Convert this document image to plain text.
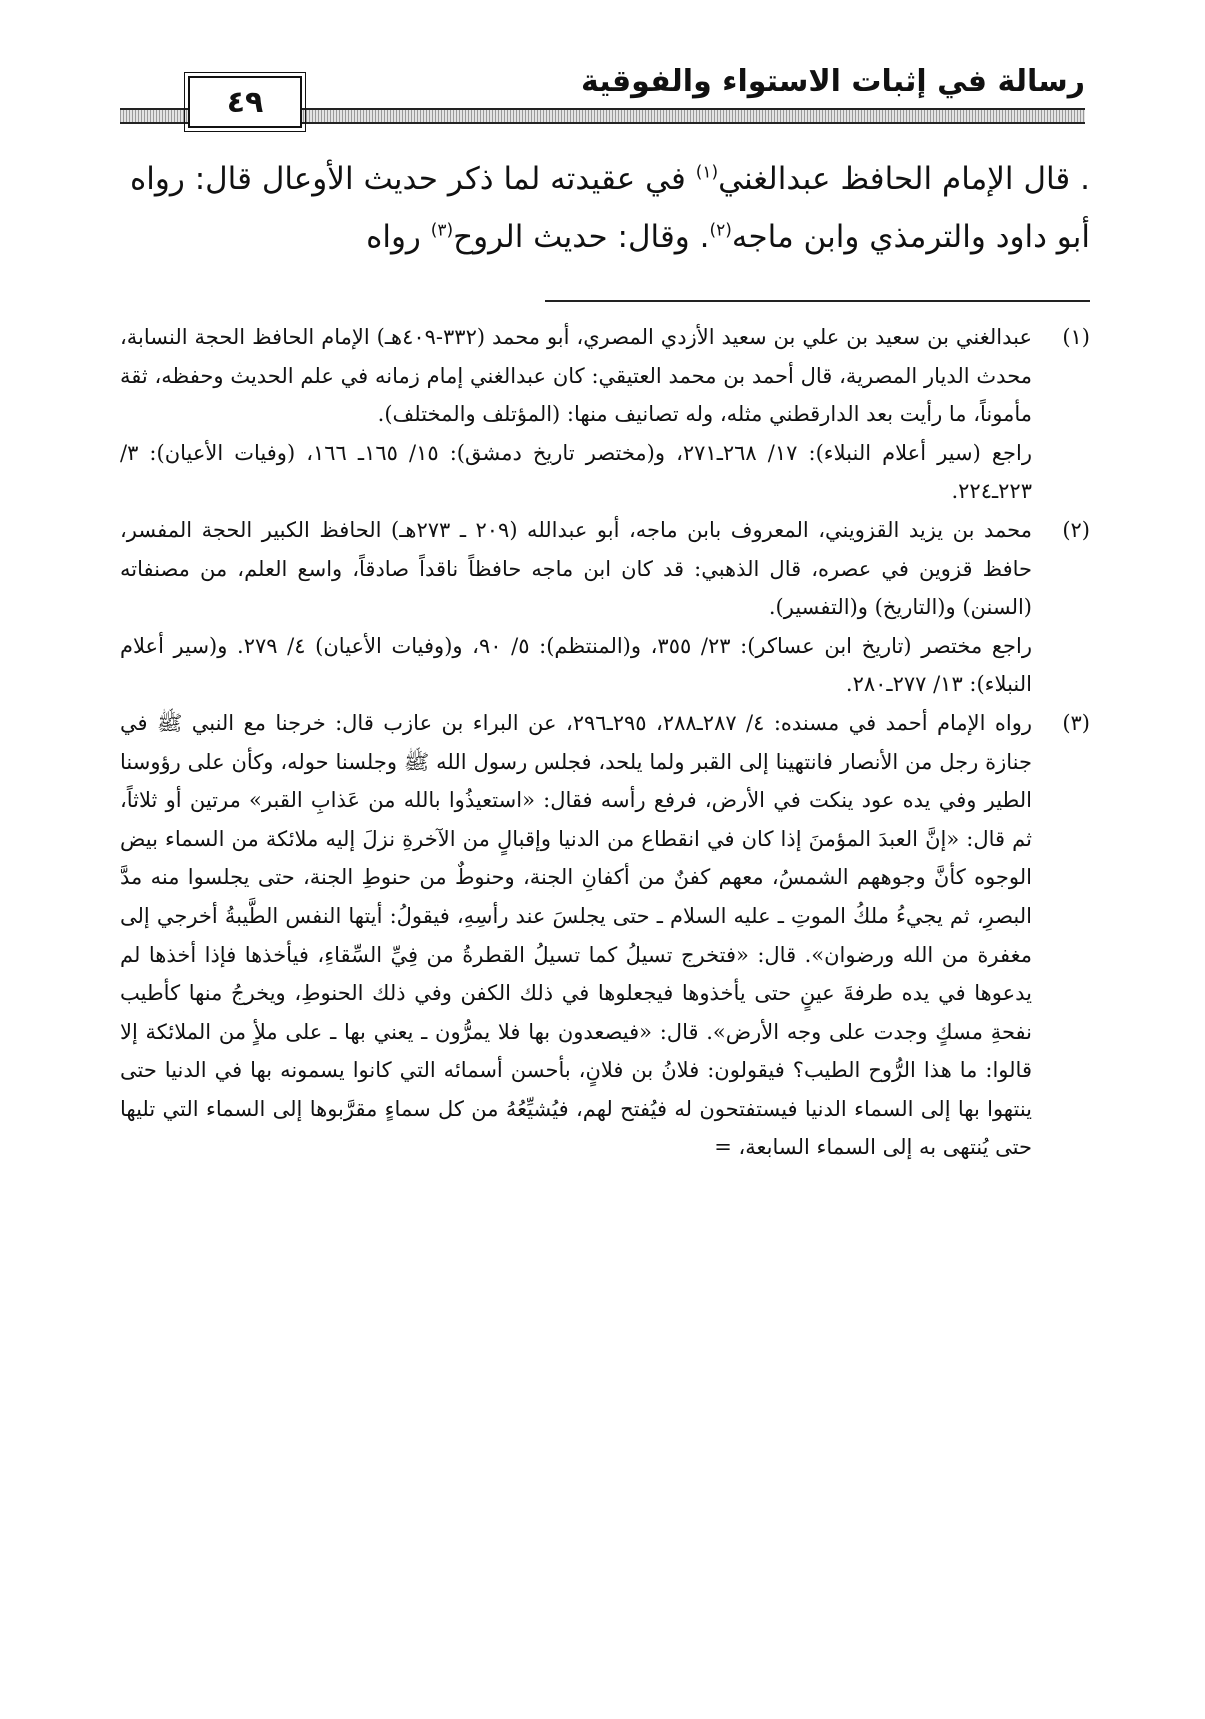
رسالة في إثبات الاستواء والفوقية
٤٩

. قال الإمام الحافظ عبدالغني$^{(١)}$ في عقيدته لما ذكر حديث الأوعال قال: رواه أبو داود والترمذي وابن ماجه$^{(٢)}$. وقال: حديث الروح$^{(٣)}$ رواه

(١)

عبدالغني بن سعيد بن علي بن سعيد الأزدي المصري، أبو محمد (٣٣٢-٤٠٩هـ) الإمام الحافظ الحجة النسابة، محدث الديار المصرية، قال أحمد بن محمد العتيقي: كان عبدالغني إمام زمانه في علم الحديث وحفظه، ثقة مأموناً، ما رأيت بعد الدارقطني مثله، وله تصانيف منها: (المؤتلف والمختلف).

راجع (سير أعلام النبلاء): ١٧/ ٢٦٨ـ٢٧١، و(مختصر تاريخ دمشق): ١٥/ ١٦٥ـ ١٦٦، (وفيات الأعيان): ٣/ ٢٢٣ـ٢٢٤.

(٢)

محمد بن يزيد القزويني، المعروف بابن ماجه، أبو عبدالله (٢٠٩ ـ ٢٧٣هـ) الحافظ الكبير الحجة المفسر، حافظ قزوين في عصره، قال الذهبي: قد كان ابن ماجه حافظاً ناقداً صادقاً، واسع العلم، من مصنفاته (السنن) و(التاريخ) و(التفسير).

راجع مختصر (تاريخ ابن عساكر): ٢٣/ ٣٥٥، و(المنتظم): ٥/ ٩٠، و(وفيات الأعيان) ٤/ ٢٧٩. و(سير أعلام النبلاء): ١٣/ ٢٧٧ـ٢٨٠.

(٣)

رواه الإمام أحمد في مسنده: ٤/ ٢٨٧ـ٢٨٨، ٢٩٥ـ٢٩٦، عن البراء بن عازب قال: خرجنا مع النبي ﷺ في جنازة رجل من الأنصار فانتهينا إلى القبر ولما يلحد، فجلس رسول الله ﷺ وجلسنا حوله، وكأن على رؤوسنا الطير وفي يده عود ينكت في الأرض، فرفع رأسه فقال: «استعيذُوا بالله من عَذابِ القبر» مرتين أو ثلاثاً، ثم قال: «إنَّ العبدَ المؤمنَ إذا كان في انقطاع من الدنيا وإقبالٍ من الآخرةِ نزلَ إليه ملائكة من السماء بيض الوجوه كأنَّ وجوههم الشمسُ، معهم كفنٌ من أكفانِ الجنة، وحنوطٌ من حنوطِ الجنة، حتى يجلسوا منه مدَّ البصرِ، ثم يجيءُ ملكُ الموتِ ـ عليه السلام ـ حتى يجلسَ عند رأسِهِ، فيقولُ: أيتها النفس الطَّيبةُ أخرجي إلى مغفرة من الله ورضوان». قال: «فتخرج تسيلُ كما تسيلُ القطرةُ من فِيِّ السِّقاءِ، فيأخذها فإذا أخذها لم يدعوها في يده طرفةَ عينٍ حتى يأخذوها فيجعلوها في ذلك الكفن وفي ذلك الحنوطِ، ويخرجُ منها كأطيب نفحةِ مسكٍ وجدت على وجه الأرض». قال: «فيصعدون بها فلا يمرُّون ـ يعني بها ـ على ملأٍ من الملائكة إلا قالوا: ما هذا الرُّوح الطيب؟ فيقولون: فلانُ بن فلانٍ، بأحسن أسمائه التي كانوا يسمونه بها في الدنيا حتى ينتهوا بها إلى السماء الدنيا فيستفتحون له فيُفتح لهم، فيُشيِّعُهُ من كل سماءٍ مقرَّبوها إلى السماء التي تليها حتى يُنتهى به إلى السماء السابعة، =
